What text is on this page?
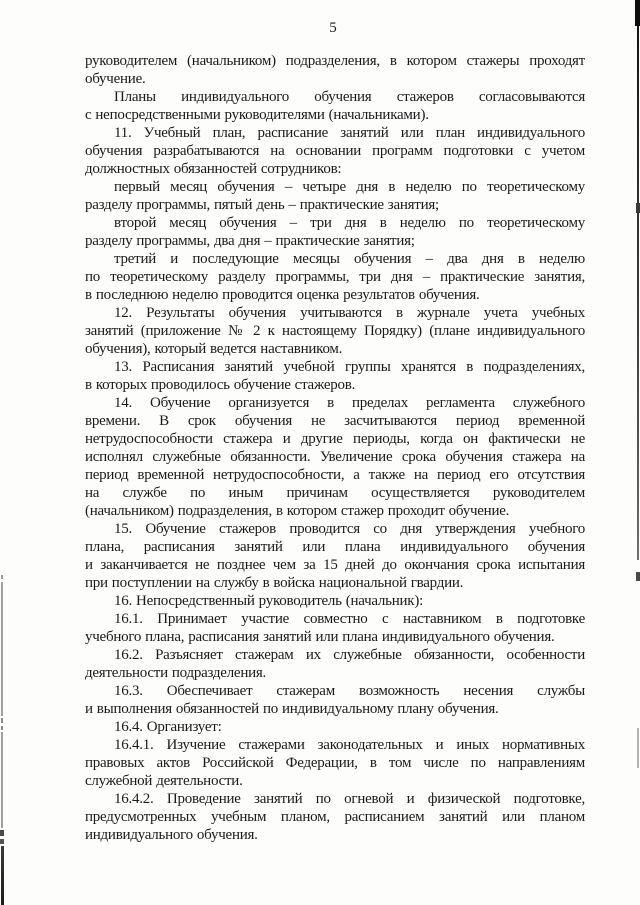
5
руководителем (начальником) подразделения, в котором стажеры проходят
обучение.
Планы индивидуального обучения стажеров согласовываются
с непосредственными руководителями (начальниками).
11. Учебный план, расписание занятий или план индивидуального
обучения разрабатываются на основании программ подготовки с учетом
должностных обязанностей сотрудников:
первый месяц обучения – четыре дня в неделю по теоретическому
разделу программы, пятый день – практические занятия;
второй месяц обучения – три дня в неделю по теоретическому
разделу программы, два дня – практические занятия;
третий и последующие месяцы обучения – два дня в неделю
по теоретическому разделу программы, три дня – практические занятия,
в последнюю неделю проводится оценка результатов обучения.
12. Результаты обучения учитываются в журнале учета учебных
занятий (приложение № 2 к настоящему Порядку) (плане индивидуального
обучения), который ведется наставником.
13. Расписания занятий учебной группы хранятся в подразделениях,
в которых проводилось обучение стажеров.
14. Обучение организуется в пределах регламента служебного
времени. В срок обучения не засчитываются период временной
нетрудоспособности стажера и другие периоды, когда он фактически не
исполнял служебные обязанности. Увеличение срока обучения стажера на
период временной нетрудоспособности, а также на период его отсутствия
на службе по иным причинам осуществляется руководителем
(начальником) подразделения, в котором стажер проходит обучение.
15. Обучение стажеров проводится со дня утверждения учебного
плана, расписания занятий или плана индивидуального обучения
и заканчивается не позднее чем за 15 дней до окончания срока испытания
при поступлении на службу в войска национальной гвардии.
16. Непосредственный руководитель (начальник):
16.1. Принимает участие совместно с наставником в подготовке
учебного плана, расписания занятий или плана индивидуального обучения.
16.2. Разъясняет стажерам их служебные обязанности, особенности
деятельности подразделения.
16.3. Обеспечивает стажерам возможность несения службы
и выполнения обязанностей по индивидуальному плану обучения.
16.4. Организует:
16.4.1. Изучение стажерами законодательных и иных нормативных
правовых актов Российской Федерации, в том числе по направлениям
служебной деятельности.
16.4.2. Проведение занятий по огневой и физической подготовке,
предусмотренных учебным планом, расписанием занятий или планом
индивидуального обучения.
